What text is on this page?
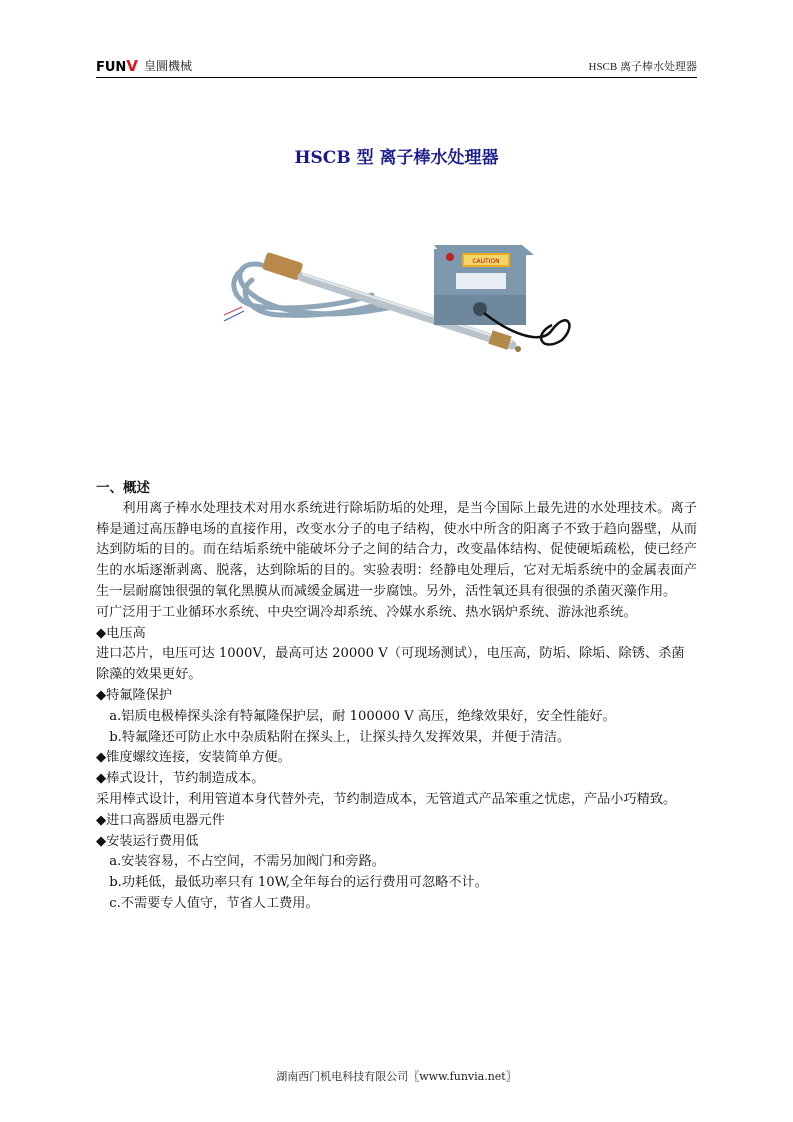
FUNV 皇圜機械	HSCB 离子棒水处理器
HSCB 型 离子棒水处理器
CAUTION

一、概述

利用离子棒水处理技术对用水系统进行除垢防垢的处理，是当今国际上最先进的水处理技术。离子棒是通过高压静电场的直接作用，改变水分子的电子结构，使水中所含的阳离子不致于趋向器壁，从而达到防垢的目的。而在结垢系统中能破坏分子之间的结合力，改变晶体结构、促使硬垢疏松，使已经产生的水垢逐渐剥离、脱落，达到除垢的目的。实验表明：经静电处理后，它对无垢系统中的金属表面产生一层耐腐蚀很强的氧化黑膜从而减缓金属进一步腐蚀。另外，活性氧还具有很强的杀菌灭藻作用。

可广泛用于工业循环水系统、中央空调冷却系统、冷媒水系统、热水锅炉系统、游泳池系统。

◆电压高

进口芯片，电压可达 1000V，最高可达 20000 V（可现场测试），电压高，防垢、除垢、除锈、杀菌除藻的效果更好。

◆特氟隆保护

a.铝质电极棒探头涂有特氟隆保护层，耐 100000 V 高压，绝缘效果好，安全性能好。

b.特氟隆还可防止水中杂质粘附在探头上，让探头持久发挥效果，并便于清洁。

◆锥度螺纹连接，安装简单方便。

◆棒式设计，节约制造成本。

采用棒式设计，利用管道本身代替外壳，节约制造成本，无管道式产品笨重之忧虑，产品小巧精致。

◆进口高器质电器元件

◆安装运行费用低

a.安装容易，不占空间，不需另加阀门和旁路。

b.功耗低，最低功率只有 10W,全年每台的运行费用可忽略不计。

c.不需要专人值守，节省人工费用。

湖南西门机电科技有限公司〖www.funvia.net〗
